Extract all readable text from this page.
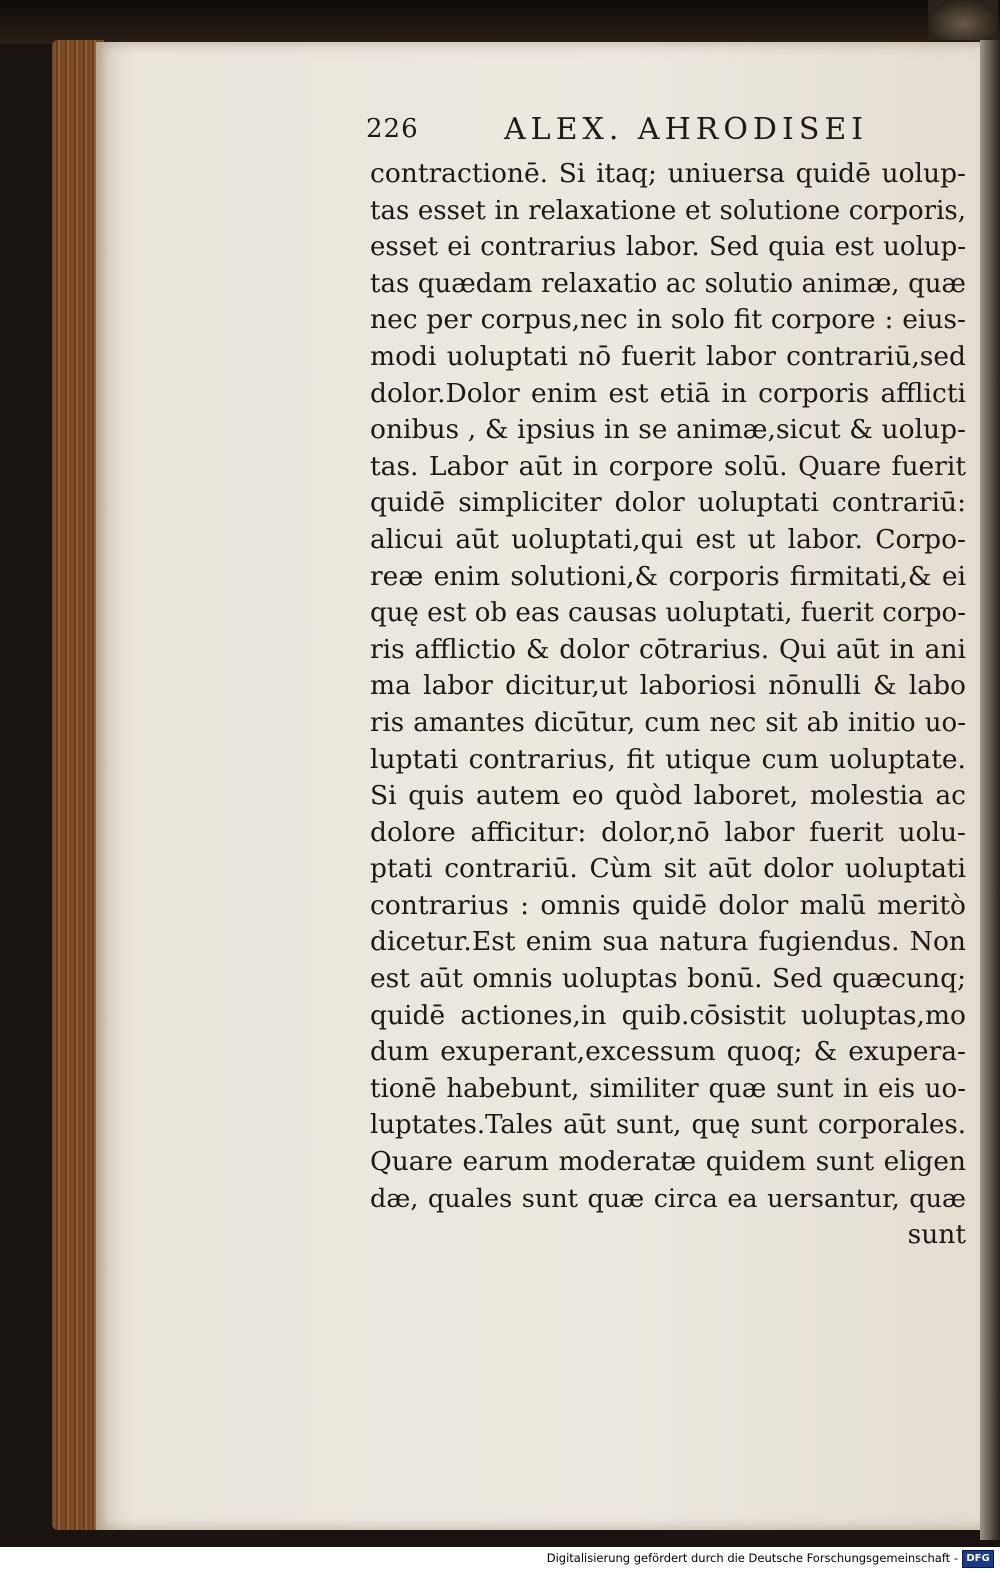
226	ALEX. AHRODISEI
contractionē. Si itaq; uniuersa quidē uolup-
tas esset in relaxatione et solutione corporis,
esset ei contrarius labor. Sed quia est uolup-
tas quædam relaxatio ac solutio animæ, quæ
nec per corpus,nec in solo fit corpore : eius-
modi uoluptati nō fuerit labor contrariū,sed
dolor.Dolor enim est etiā in corporis afflicti
onibus , & ipsius in se animæ,sicut & uolup-
tas. Labor aūt in corpore solū. Quare fuerit
quidē simpliciter dolor uoluptati contrariū:
alicui aūt uoluptati,qui est ut labor. Corpo-
reæ enim solutioni,& corporis firmitati,& ei
quę est ob eas causas uoluptati, fuerit corpo-
ris afflictio & dolor cōtrarius. Qui aūt in ani
ma labor dicitur,ut laboriosi nōnulli & labo
ris amantes dicūtur, cum nec sit ab initio uo-
luptati contrarius, fit utique cum uoluptate.
Si quis autem eo quòd laboret, molestia ac
dolore afficitur: dolor,nō labor fuerit uolu-
ptati contrariū. Cùm sit aūt dolor uoluptati
contrarius : omnis quidē dolor malū meritò
dicetur.Est enim sua natura fugiendus. Non
est aūt omnis uoluptas bonū. Sed quæcunq;
quidē actiones,in quib.cōsistit uoluptas,mo
dum exuperant,excessum quoq; & exupera-
tionē habebunt, similiter quæ sunt in eis uo-
luptates.Tales aūt sunt, quę sunt corporales.
Quare earum moderatæ quidem sunt eligen
dæ, quales sunt quæ circa ea uersantur, quæ
sunt
Digitalisierung gefördert durch die Deutsche Forschungsgemeinschaft - DFG
